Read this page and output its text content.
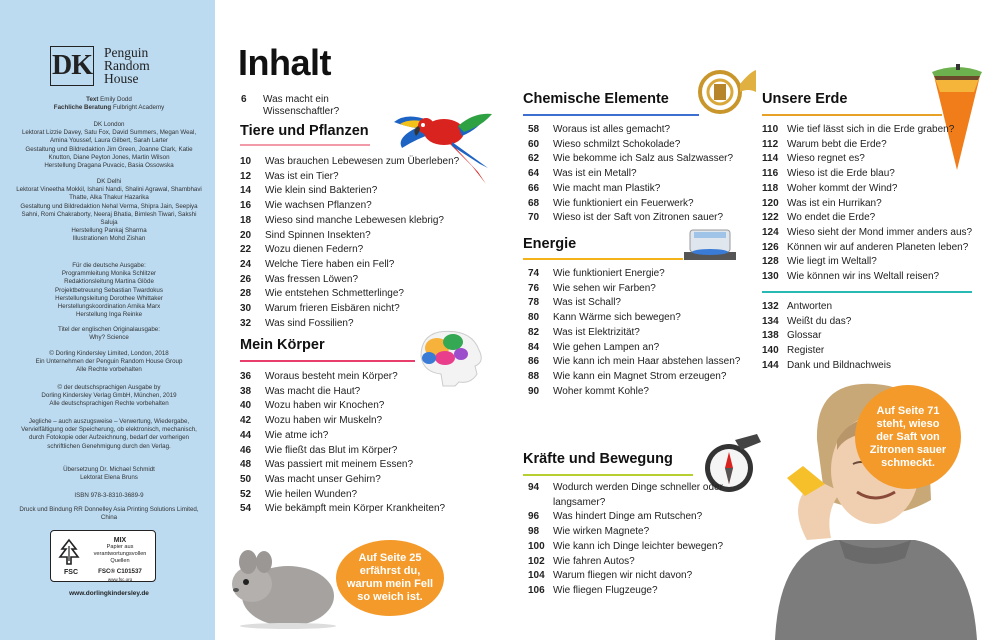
DK Penguin
Random
House
Text Emily Dodd
Fachliche Beratung Fulbright Academy
DK London
Lektorat Lizzie Davey, Satu Fox, David Summers, Megan Weal, Amina Youssef, Laura Gilbert, Sarah Larter
Gestaltung und Bildredaktion Jim Green, Joanne Clark, Katie Knutton, Diane Peyton Jones, Martin Wilson
Herstellung Dragana Puvacic, Basia Ossowska
DK Delhi
Lektorat Vineetha Mokkil, Ishani Nandi, Shalini Agrawal, Shambhavi Thatte, Alka Thakur Hazarika
Gestaltung und Bildredaktion Nehal Verma, Shipra Jain, Seepiya Sahni, Romi Chakraborty, Neeraj Bhatia, Bimlesh Tiwari, Sakshi Saluja
Herstellung Pankaj Sharma
Illustrationen Mohd Zishan
Für die deutsche Ausgabe:
Programmleitung Monika Schlitzer
Redaktionsleitung Martina Glöde
Projektbetreuung Sebastian Twardokus
Herstellungsleitung Dorothee Whittaker
Herstellungskoordination Arnika Marx
Herstellung Inga Reinke
Titel der englischen Originalausgabe:
Why? Science
© Dorling Kindersley Limited, London, 2018
Ein Unternehmen der Penguin Random House Group
Alle Rechte vorbehalten
© der deutschsprachigen Ausgabe by
Dorling Kindersley Verlag GmbH, München, 2019
Alle deutschsprachigen Rechte vorbehalten
Jegliche – auch auszugsweise – Verwertung, Wiedergabe, Vervielfältigung oder Speicherung, ob elektronisch, mechanisch, durch Fotokopie oder Aufzeichnung, bedarf der vorherigen schriftlichen Genehmigung durch den Verlag.
Übersetzung Dr. Michael Schmidt
Lektorat Elena Bruns
ISBN 978-3-8310-3689-9
Druck und Bindung RR Donnelley Asia Printing Solutions Limited, China
FSC
MIX
Papier aus verantwortungsvollen Quellen
FSC® C101537
www.fsc.org
www.dorlingkindersley.de
Inhalt
6	Was macht ein Wissenschaftler?
Tiere und Pflanzen
10	Was brauchen Lebewesen zum Überleben?
12	Was ist ein Tier?
14	Wie klein sind Bakterien?
16	Wie wachsen Pflanzen?
18	Wieso sind manche Lebewesen klebrig?
20	Sind Spinnen Insekten?
22	Wozu dienen Federn?
24	Welche Tiere haben ein Fell?
26	Was fressen Löwen?
28	Wie entstehen Schmetterlinge?
30	Warum frieren Eisbären nicht?
32	Was sind Fossilien?
Mein Körper
36	Woraus besteht mein Körper?
38	Was macht die Haut?
40	Wozu haben wir Knochen?
42	Wozu haben wir Muskeln?
44	Wie atme ich?
46	Wie fließt das Blut im Körper?
48	Was passiert mit meinem Essen?
50	Was macht unser Gehirn?
52	Wie heilen Wunden?
54	Wie bekämpft mein Körper Krankheiten?
Auf Seite 25 erfährst du, warum mein Fell so weich ist.
Chemische Elemente
58	Woraus ist alles gemacht?
60	Wieso schmilzt Schokolade?
62	Wie bekomme ich Salz aus Salzwasser?
64	Was ist ein Metall?
66	Wie macht man Plastik?
68	Wie funktioniert ein Feuerwerk?
70	Wieso ist der Saft von Zitronen sauer?
Energie
74	Wie funktioniert Energie?
76	Wie sehen wir Farben?
78	Was ist Schall?
80	Kann Wärme sich bewegen?
82	Was ist Elektrizität?
84	Wie gehen Lampen an?
86	Wie kann ich mein Haar abstehen lassen?
88	Wie kann ein Magnet Strom erzeugen?
90	Woher kommt Kohle?
Kräfte und Bewegung
94	Wodurch werden Dinge schneller oder langsamer?
96	Was hindert Dinge am Rutschen?
98	Wie wirken Magnete?
100 Wie kann ich Dinge leichter bewegen?
102 Wie fahren Autos?
104 Warum fliegen wir nicht davon?
106 Wie fliegen Flugzeuge?
Unsere Erde
110 Wie tief lässt sich in die Erde graben?
112 Warum bebt die Erde?
114 Wieso regnet es?
116 Wieso ist die Erde blau?
118 Woher kommt der Wind?
120 Was ist ein Hurrikan?
122 Wo endet die Erde?
124 Wieso sieht der Mond immer anders aus?
126 Können wir auf anderen Planeten leben?
128 Wie liegt im Weltall?
130 Wie können wir ins Weltall reisen?
132 Antworten
134 Weißt du das?
138 Glossar
140 Register
144 Dank und Bildnachweis
Auf Seite 71 steht, wieso der Saft von Zitronen sauer schmeckt.
